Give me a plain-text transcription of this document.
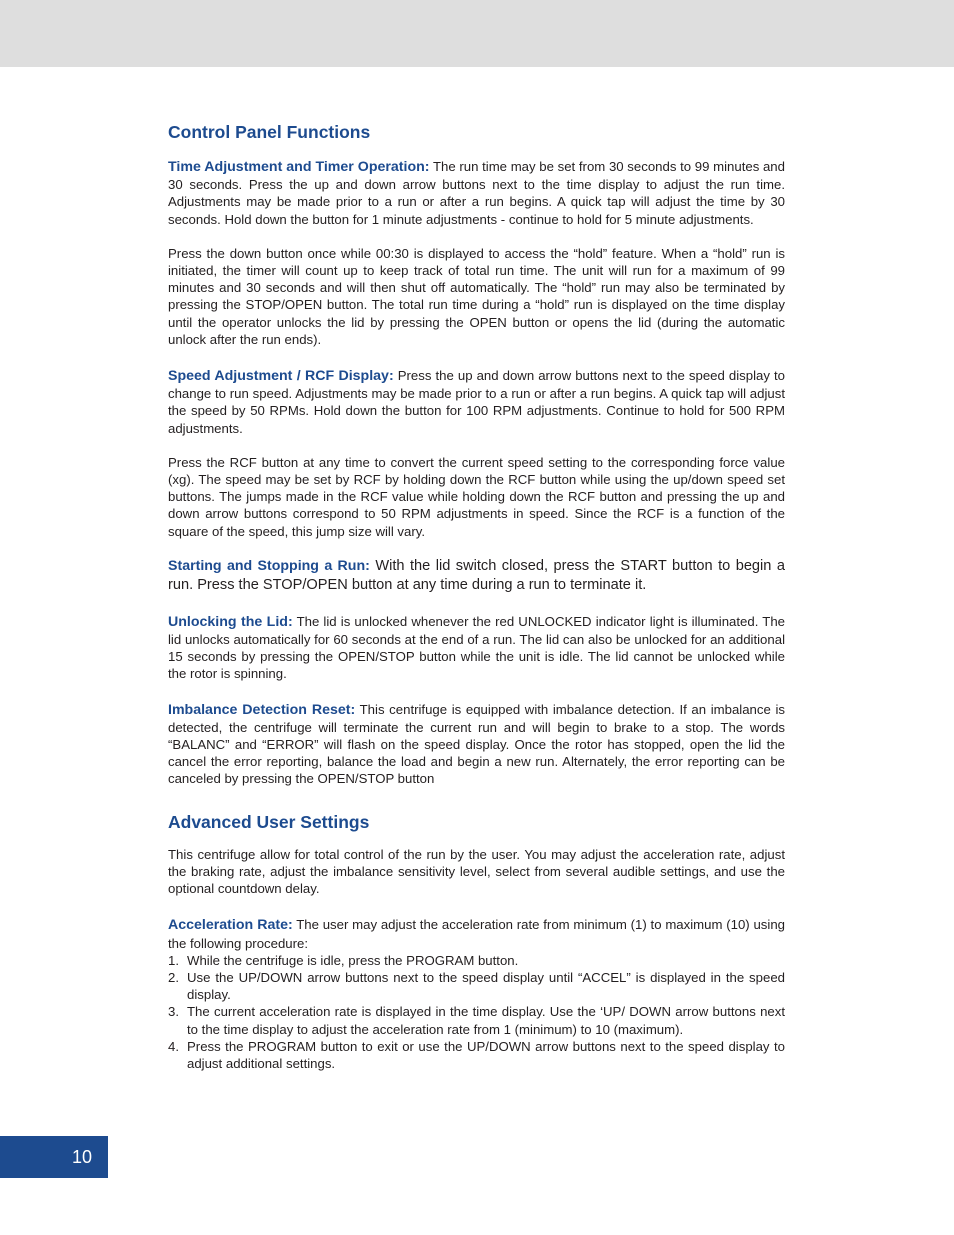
Control Panel Functions

Time Adjustment and Timer Operation: The run time may be set from 30 seconds to 99 minutes and 30 seconds. Press the up and down arrow buttons next to the time display to adjust the run time. Adjustments may be made prior to a run or after a run begins. A quick tap will adjust the time by 30 seconds. Hold down the button for 1 minute adjustments - continue to hold for 5 minute adjustments.

Press the down button once while 00:30 is displayed to access the “hold” feature. When a “hold” run is initiated, the timer will count up to keep track of total run time. The unit will run for a maximum of 99 minutes and 30 seconds and will then shut off automatically. The “hold” run may also be terminated by pressing the STOP/OPEN button. The total run time during a “hold” run is displayed on the time display until the operator unlocks the lid by pressing the OPEN button or opens the lid (during the automatic unlock after the run ends).

Speed Adjustment / RCF Display: Press the up and down arrow buttons next to the speed display to change to run speed. Adjustments may be made prior to a run or after a run begins. A quick tap will adjust the speed by 50 RPMs. Hold down the button for 100 RPM adjustments. Continue to hold for 500 RPM adjustments.

Press the RCF button at any time to convert the current speed setting to the corresponding force value (xg). The speed may be set by RCF by holding down the RCF button while using the up/down speed set buttons. The jumps made in the RCF value while holding down the RCF button and pressing the up and down arrow buttons correspond to 50 RPM adjustments in speed. Since the RCF is a function of the square of the speed, this jump size will vary.

Starting and Stopping a Run: With the lid switch closed, press the START button to begin a run. Press the STOP/OPEN button at any time during a run to terminate it.

Unlocking the Lid: The lid is unlocked whenever the red UNLOCKED indicator light is illuminated. The lid unlocks automatically for 60 seconds at the end of a run. The lid can also be unlocked for an additional 15 seconds by pressing the OPEN/STOP button while the unit is idle. The lid cannot be unlocked while the rotor is spinning.

Imbalance Detection Reset: This centrifuge is equipped with imbalance detection. If an imbalance is detected, the centrifuge will terminate the current run and will begin to brake to a stop. The words “BALANC” and “ERROR” will flash on the speed display. Once the rotor has stopped, open the lid the cancel the error reporting, balance the load and begin a new run. Alternately, the error reporting can be canceled by pressing the OPEN/STOP button

Advanced User Settings

This centrifuge allow for total control of the run by the user. You may adjust the acceleration rate, adjust the braking rate, adjust the imbalance sensitivity level, select from several audible settings, and use the optional countdown delay.

Acceleration Rate: The user may adjust the acceleration rate from minimum (1) to maximum (10) using the following procedure:

1. While the centrifuge is idle, press the PROGRAM button.
2. Use the UP/DOWN arrow buttons next to the speed display until “ACCEL” is displayed in the speed display.
3. The current acceleration rate is displayed in the time display. Use the ‘UP/ DOWN arrow buttons next to the time display to adjust the acceleration rate from 1 (minimum) to 10 (maximum).
4. Press the PROGRAM button to exit or use the UP/DOWN arrow buttons next to the speed display to adjust additional settings.
10
